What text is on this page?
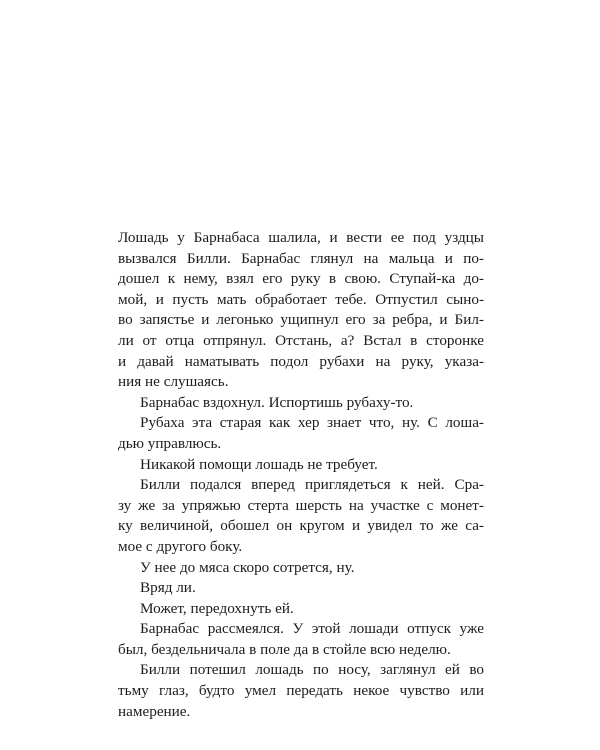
Лошадь у Барнабаса шалила, и вести ее под уздцы
вызвался Билли. Барнабас глянул на мальца и по-
дошел к нему, взял его руку в свою. Ступай-ка до-
мой, и пусть мать обработает тебе. Отпустил сыно-
во запястье и легонько ущипнул его за ребра, и Бил-
ли от отца отпрянул. Отстань, а? Встал в сторонке
и давай наматывать подол рубахи на руку, указа-
ния не слушаясь.
Барнабас вздохнул. Испортишь рубаху-то.
Рубаха эта старая как хер знает что, ну. С лоша-
дью управлюсь.
Никакой помощи лошадь не требует.
Билли подался вперед приглядеться к ней. Сра-
зу же за упряжью стерта шерсть на участке с монет-
ку величиной, обошел он кругом и увидел то же са-
мое с другого боку.
У нее до мяса скоро сотрется, ну.
Вряд ли.
Может, передохнуть ей.
Барнабас рассмеялся. У этой лошади отпуск уже
был, бездельничала в поле да в стойле всю неделю.
Билли потешил лошадь по носу, заглянул ей во
тьму глаз, будто умел передать некое чувство или
намерение.
